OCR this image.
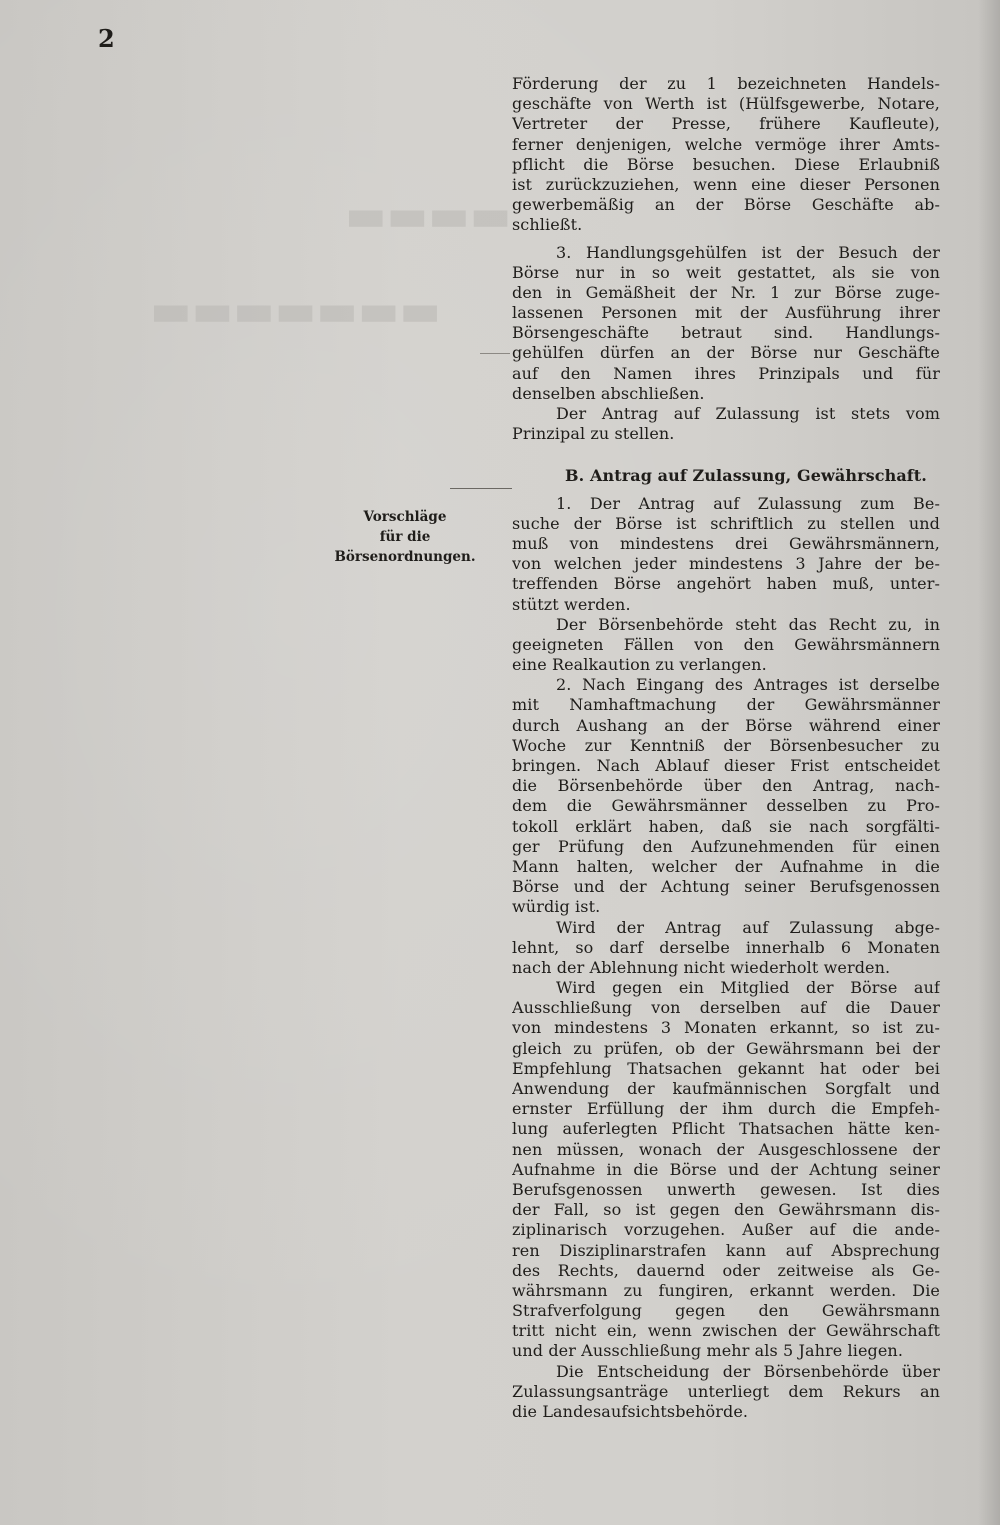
▬▬▬▬
▬▬▬▬▬▬▬
2
Vorschläge
für die
Börsenordnungen.
Förderung der zu 1 bezeichneten Handels-
geschäfte von Werth ist (Hülfsgewerbe, Notare,
Vertreter der Presse, frühere Kaufleute),
ferner denjenigen, welche vermöge ihrer Amts-
pflicht die Börse besuchen. Diese Erlaubniß
ist zurückzuziehen, wenn eine dieser Personen
gewerbemäßig an der Börse Geschäfte ab-
schließt.
3. Handlungsgehülfen ist der Besuch der
Börse nur in so weit gestattet, als sie von
den in Gemäßheit der Nr. 1 zur Börse zuge-
lassenen Personen mit der Ausführung ihrer
Börsengeschäfte betraut sind. Handlungs-
gehülfen dürfen an der Börse nur Geschäfte
auf den Namen ihres Prinzipals und für
denselben abschließen.
Der Antrag auf Zulassung ist stets vom
Prinzipal zu stellen.
B. Antrag auf Zulassung, Gewährschaft.
1. Der Antrag auf Zulassung zum Be-
suche der Börse ist schriftlich zu stellen und
muß von mindestens drei Gewährsmännern,
von welchen jeder mindestens 3 Jahre der be-
treffenden Börse angehört haben muß, unter-
stützt werden.
Der Börsenbehörde steht das Recht zu, in
geeigneten Fällen von den Gewährsmännern
eine Realkaution zu verlangen.
2. Nach Eingang des Antrages ist derselbe
mit Namhaftmachung der Gewährsmänner
durch Aushang an der Börse während einer
Woche zur Kenntniß der Börsenbesucher zu
bringen. Nach Ablauf dieser Frist entscheidet
die Börsenbehörde über den Antrag, nach-
dem die Gewährsmänner desselben zu Pro-
tokoll erklärt haben, daß sie nach sorgfälti-
ger Prüfung den Aufzunehmenden für einen
Mann halten, welcher der Aufnahme in die
Börse und der Achtung seiner Berufsgenossen
würdig ist.
Wird der Antrag auf Zulassung abge-
lehnt, so darf derselbe innerhalb 6 Monaten
nach der Ablehnung nicht wiederholt werden.
Wird gegen ein Mitglied der Börse auf
Ausschließung von derselben auf die Dauer
von mindestens 3 Monaten erkannt, so ist zu-
gleich zu prüfen, ob der Gewährsmann bei der
Empfehlung Thatsachen gekannt hat oder bei
Anwendung der kaufmännischen Sorgfalt und
ernster Erfüllung der ihm durch die Empfeh-
lung auferlegten Pflicht Thatsachen hätte ken-
nen müssen, wonach der Ausgeschlossene der
Aufnahme in die Börse und der Achtung seiner
Berufsgenossen unwerth gewesen. Ist dies
der Fall, so ist gegen den Gewährsmann dis-
ziplinarisch vorzugehen. Außer auf die ande-
ren Disziplinarstrafen kann auf Absprechung
des Rechts, dauernd oder zeitweise als Ge-
währsmann zu fungiren, erkannt werden. Die
Strafverfolgung gegen den Gewährsmann
tritt nicht ein, wenn zwischen der Gewährschaft
und der Ausschließung mehr als 5 Jahre liegen.
Die Entscheidung der Börsenbehörde über
Zulassungsanträge unterliegt dem Rekurs an
die Landesaufsichtsbehörde.
